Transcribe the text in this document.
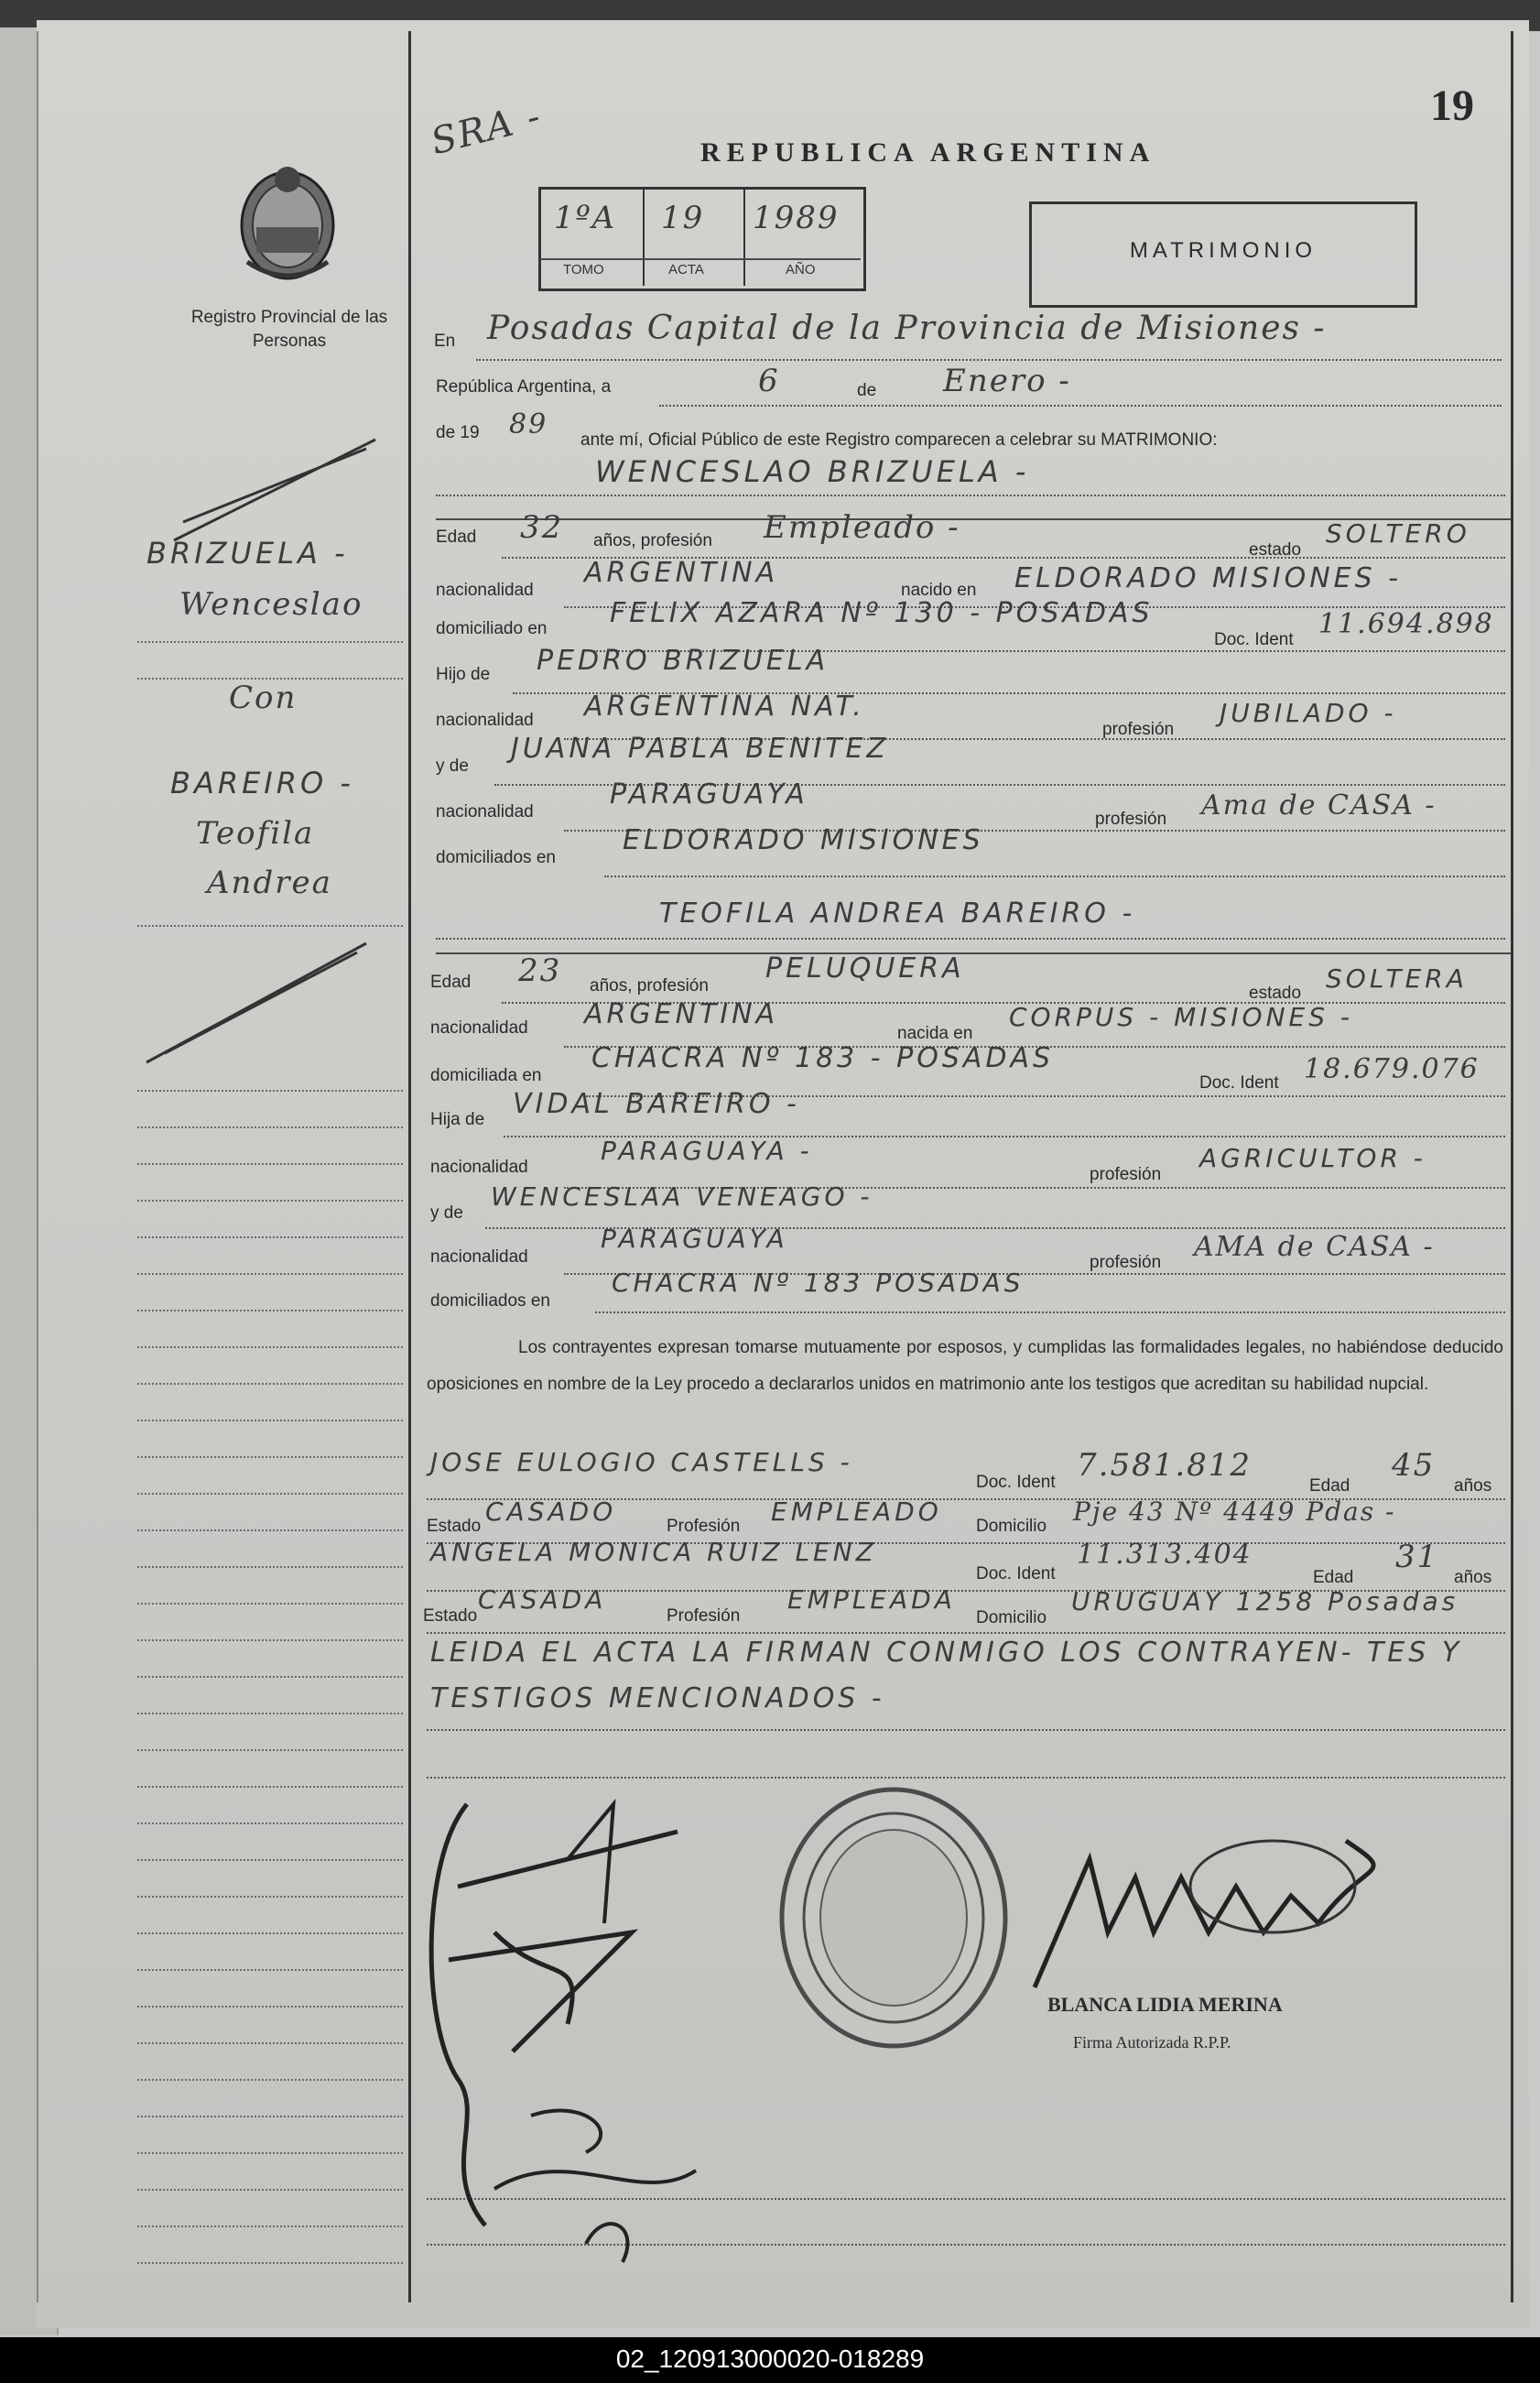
19
Registro Provincial de las Personas
SRA -	REPUBLICA ARGENTINA
1ºA 19 1989
TOMO	ACTA	AÑO
MATRIMONIO
En Posadas Capital de la Provincia de Misiones -
República Argentina, a	6	de Enero -
de 19 89 ante mí, Oficial Público de este Registro comparecen a celebrar su MATRIMONIO:
WENCESLAO BRIZUELA -
Edad 32 años, profesión Empleado -
estado
SOLTERO
nacionalidad
ARGENTINA
nacido en ELDORADO MISIONES -
domiciliado en FELIX AZARA Nº 130 - POSADAS
Doc. Ident 11.694.898
Hijo de PEDRO BRIZUELA
nacionalidad ARGENTINA NAT.
profesión
JUBILADO -
y de
JUANA PABLA BENITEZ
nacionalidad
PARAGUAYA
profesión Ama de CASA -
domiciliados en
ELDORADO MISIONES
TEOFILA ANDREA BAREIRO -
Edad 23 años, profesión
PELUQUERA
estado SOLTERA
nacionalidad ARGENTINA
nacida en
CORPUS - MISIONES -
domiciliada en
CHACRA Nº 183 - POSADAS
Doc. Ident 18.679.076
Hija de VIDAL BAREIRO -
nacionalidad
PARAGUAYA -
profesión
AGRICULTOR -
y de
WENCESLAA VENEAGO -
nacionalidad
PARAGUAYA
profesión AMA de CASA -
domiciliados en
CHACRA Nº 183 POSADAS
Los contrayentes expresan tomarse mutuamente por esposos, y cumplidas las formalidades legales, no habiéndose deducido oposiciones en nombre de la Ley procedo a declararlos unidos en matrimonio ante los testigos que acreditan su habilidad nupcial.
JOSE EULOGIO CASTELLS -
Doc. Ident 7.581.812
Edad
45
años
Estado CASADO	Profesión EMPLEADO Domicilio Pje 43 Nº 4449 Pdas -
ANGELA MONICA RUIZ LENZ
Doc. Ident
11.313.404
Edad
31
años
Estado
CASADA
Profesión
EMPLEADA
Domicilio
URUGUAY 1258 Posadas
LEIDA EL ACTA LA FIRMAN CONMIGO LOS CONTRAYEN- TES Y TESTIGOS MENCIONADOS -
BLANCA LIDIA MERINA
Firma Autorizada R.P.P.
BRIZUELA -
Wenceslao
Con
BAREIRO -
Teofila
Andrea
02_120913000020-018289
